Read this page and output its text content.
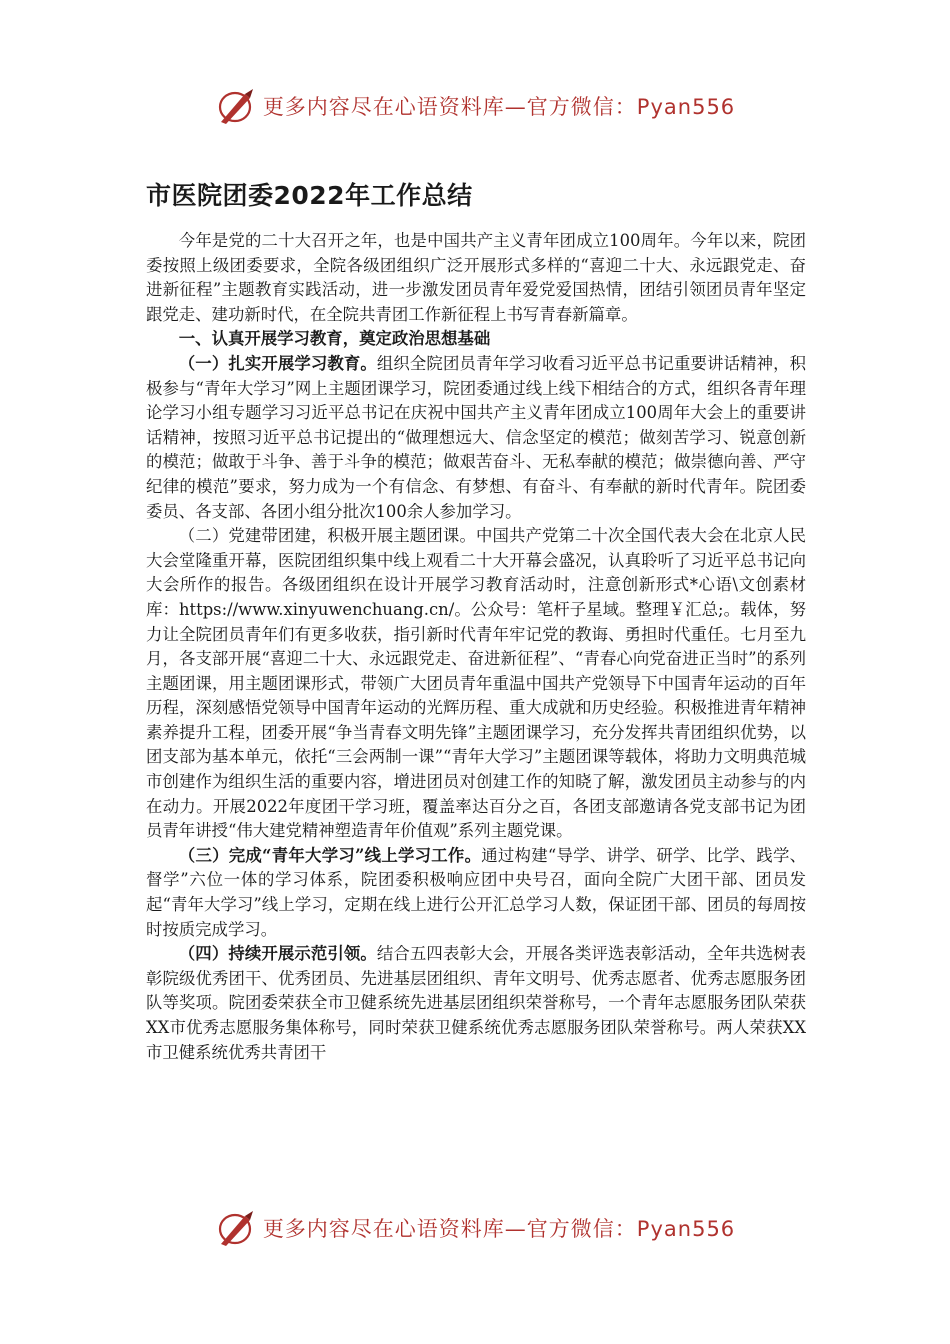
更多内容尽在心语资料库—官方微信：Pyan556
市医院团委2022年工作总结

今年是党的二十大召开之年，也是中国共产主义青年团成立100周年。今年以来，院团委按照上级团委要求，全院各级团组织广泛开展形式多样的“喜迎二十大、永远跟党走、奋进新征程”主题教育实践活动，进一步激发团员青年爱党爱国热情，团结引领团员青年坚定跟党走、建功新时代，在全院共青团工作新征程上书写青春新篇章。

一、认真开展学习教育，奠定政治思想基础

（一）扎实开展学习教育。组织全院团员青年学习收看习近平总书记重要讲话精神，积极参与“青年大学习”网上主题团课学习，院团委通过线上线下相结合的方式，组织各青年理论学习小组专题学习习近平总书记在庆祝中国共产主义青年团成立100周年大会上的重要讲话精神，按照习近平总书记提出的“做理想远大、信念坚定的模范；做刻苦学习、锐意创新的模范；做敢于斗争、善于斗争的模范；做艰苦奋斗、无私奉献的模范；做崇德向善、严守纪律的模范”要求，努力成为一个有信念、有梦想、有奋斗、有奉献的新时代青年。院团委委员、各支部、各团小组分批次100余人参加学习。

（二）党建带团建，积极开展主题团课。中国共产党第二十次全国代表大会在北京人民大会堂隆重开幕，医院团组织集中线上观看二十大开幕会盛况，认真聆听了习近平总书记向大会所作的报告。各级团组织在设计开展学习教育活动时，注意创新形式*心语\文创素材库：https://www.xinyuwenchuang.cn/。公众号：笔杆子星域。整理￥汇总;。载体，努力让全院团员青年们有更多收获，指引新时代青年牢记党的教诲、勇担时代重任。七月至九月，各支部开展“喜迎二十大、永远跟党走、奋进新征程”、“青春心向党奋进正当时”的系列主题团课，用主题团课形式，带领广大团员青年重温中国共产党领导下中国青年运动的百年历程，深刻感悟党领导中国青年运动的光辉历程、重大成就和历史经验。积极推进青年精神素养提升工程，团委开展“争当青春文明先锋”主题团课学习，充分发挥共青团组织优势，以团支部为基本单元，依托“三会两制一课”“青年大学习”主题团课等载体，将助力文明典范城市创建作为组织生活的重要内容，增进团员对创建工作的知晓了解，激发团员主动参与的内在动力。开展2022年度团干学习班，覆盖率达百分之百，各团支部邀请各党支部书记为团员青年讲授“伟大建党精神塑造青年价值观”系列主题党课。

（三）完成“青年大学习”线上学习工作。通过构建“导学、讲学、研学、比学、践学、督学”六位一体的学习体系，院团委积极响应团中央号召，面向全院广大团干部、团员发起“青年大学习”线上学习，定期在线上进行公开汇总学习人数，保证团干部、团员的每周按时按质完成学习。

（四）持续开展示范引领。结合五四表彰大会，开展各类评选表彰活动，全年共选树表彰院级优秀团干、优秀团员、先进基层团组织、青年文明号、优秀志愿者、优秀志愿服务团队等奖项。院团委荣获全市卫健系统先进基层团组织荣誉称号，一个青年志愿服务团队荣获XX市优秀志愿服务集体称号，同时荣获卫健系统优秀志愿服务团队荣誉称号。两人荣获XX市卫健系统优秀共青团干

更多内容尽在心语资料库—官方微信：Pyan556
